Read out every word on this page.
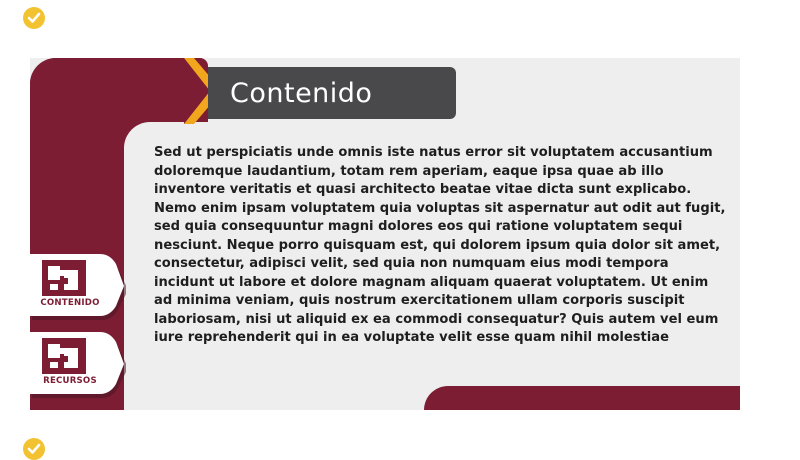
Contenido

Sed ut perspiciatis unde omnis iste natus error sit voluptatem accusantium doloremque laudantium, totam rem aperiam, eaque ipsa quae ab illo inventore veritatis et quasi architecto beatae vitae dicta sunt explicabo. Nemo enim ipsam voluptatem quia voluptas sit aspernatur aut odit aut fugit, sed quia consequuntur magni dolores eos qui ratione voluptatem sequi nesciunt. Neque porro quisquam est, qui dolorem ipsum quia dolor sit amet, consectetur, adipisci velit, sed quia non numquam eius modi tempora incidunt ut labore et dolore magnam aliquam quaerat voluptatem. Ut enim ad minima veniam, quis nostrum exercitationem ullam corporis suscipit laboriosam, nisi ut aliquid ex ea commodi consequatur? Quis autem vel eum iure reprehenderit qui in ea voluptate velit esse quam nihil molestiae

CONTENIDO
RECURSOS
